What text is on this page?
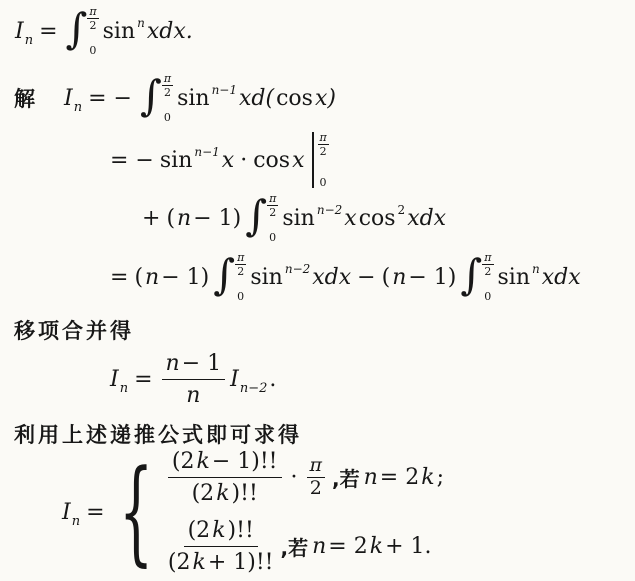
I n = ∫ $\frac{\pi}{2}$
0
sin n xdx.
解 I n = − ∫ $\frac{\pi}{2}$
0
sin n−1 xd( cos x)
= − sin n−1 x · cos x
$\frac{\pi}{2}$
0
+ ( n − 1) ∫ $\frac{\pi}{2}$
0
sin n−2 x cos 2 xdx
= ( n − 1) ∫ $\frac{\pi}{2}$
0
sin n−2 xdx − ( n − 1) ∫ $\frac{\pi}{2}$
0
sin n xdx
移项合并得
I $n = \frac{n - 1}{n}$ I n−2 .
利用上述递推公式即可求得
I n = { $\frac{(2 k - 1)!!}{(2 k )!!} \cdot \frac{\pi}{2}$ ,若 n = 2 k ;
$\frac{(2 k )!!}{(2 k + 1)!!}$ ,若 n = 2 k + 1.
